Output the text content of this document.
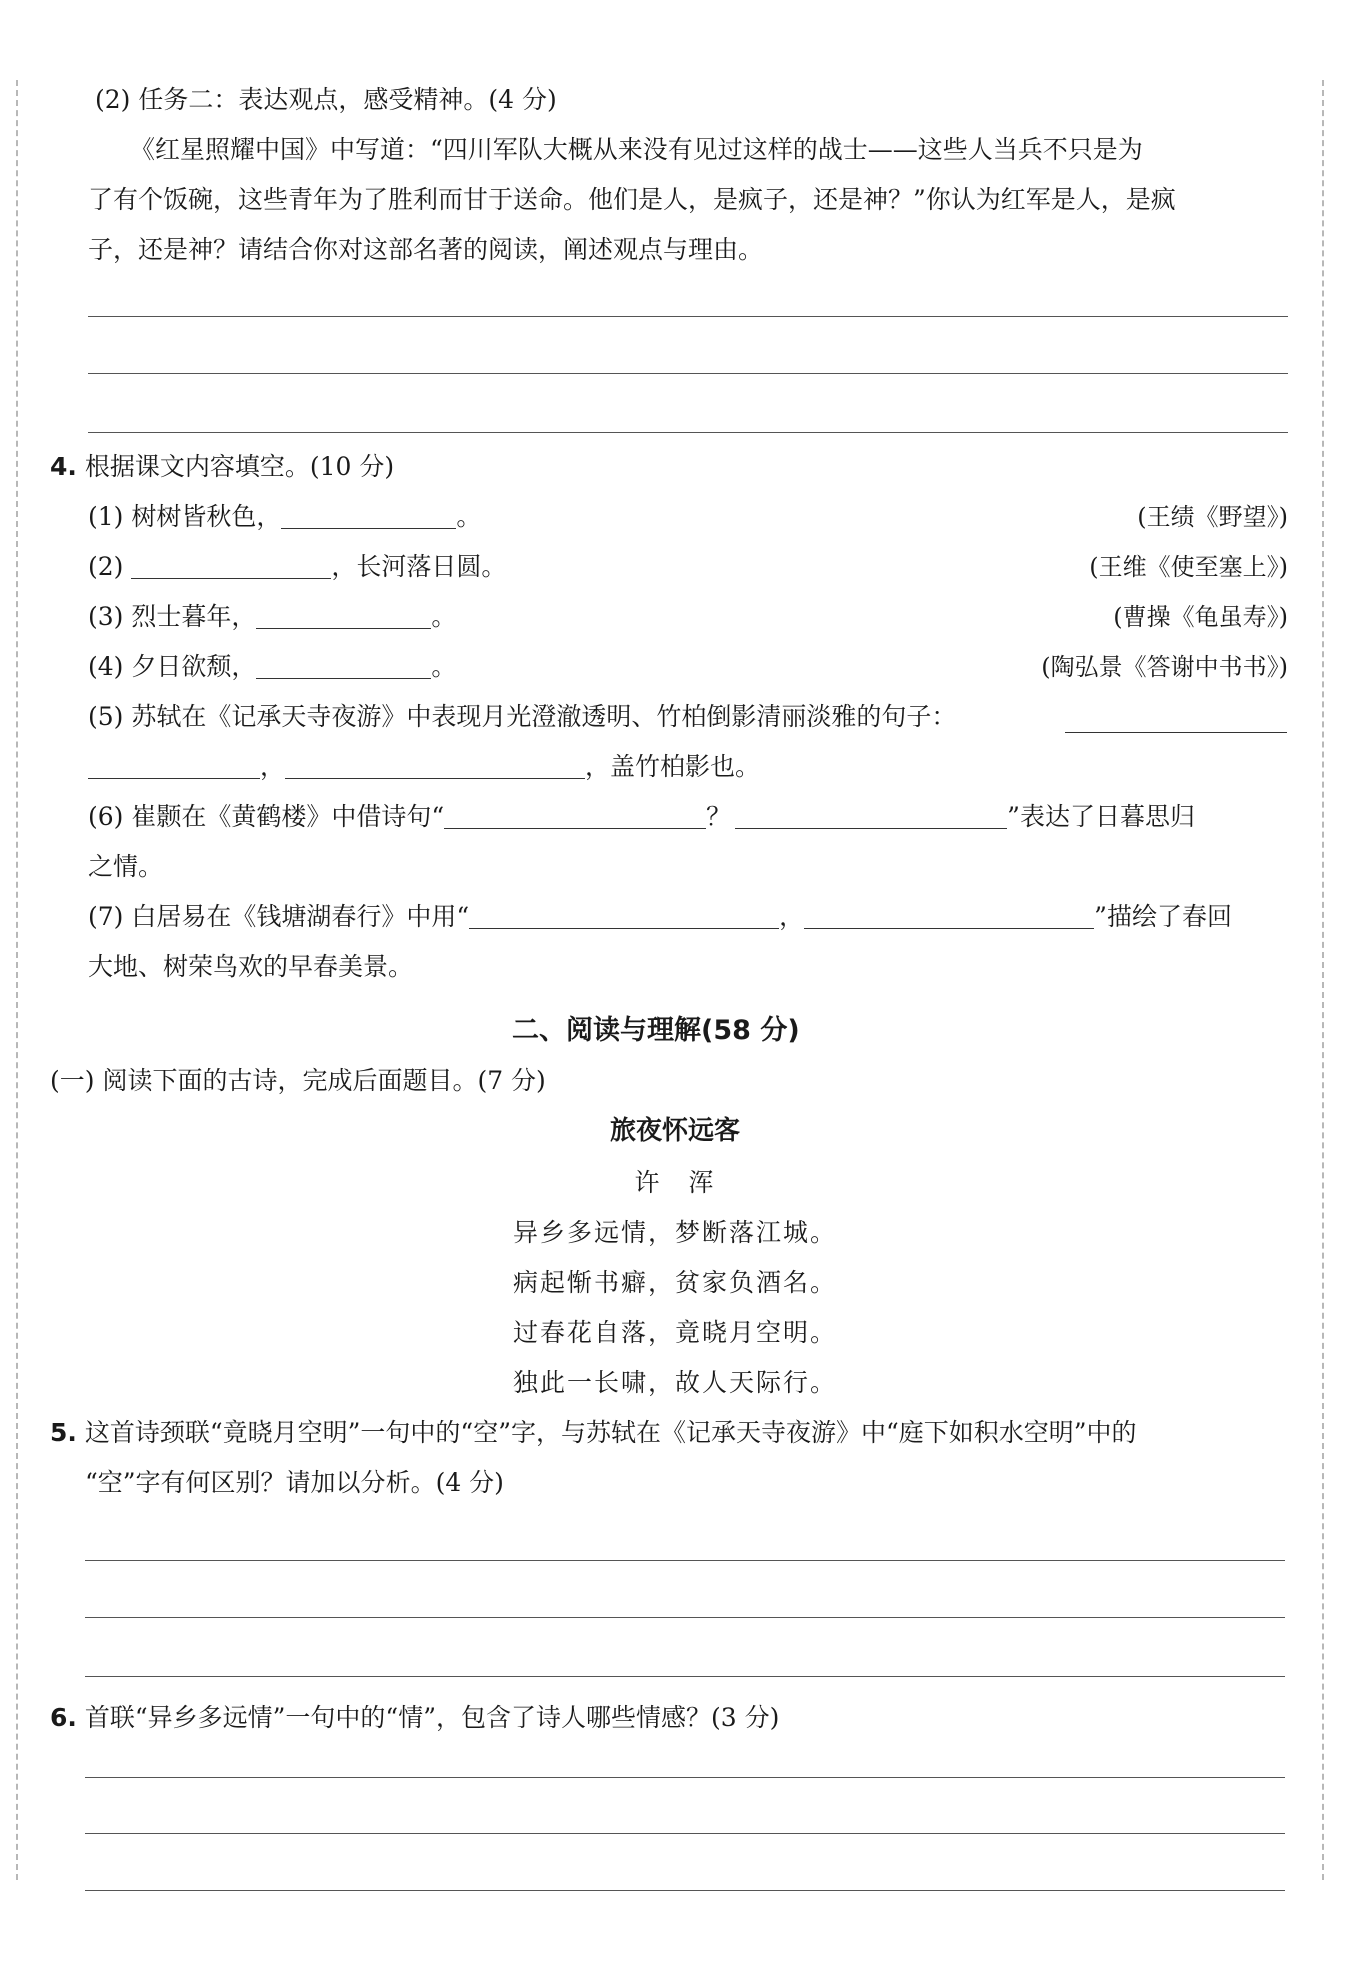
(2) 任务二：表达观点，感受精神。(4 分)
《红星照耀中国》中写道：“四川军队大概从来没有见过这样的战士——这些人当兵不只是为
了有个饭碗，这些青年为了胜利而甘于送命。他们是人，是疯子，还是神？”你认为红军是人，是疯
子，还是神？请结合你对这部名著的阅读，阐述观点与理由。
4. 根据课文内容填空。(10 分)
(1) 树树皆秋色，	。	(王绩《野望》)
(2)	，长河落日圆。	(王维《使至塞上》)
(3) 烈士暮年，	。	(曹操《龟虽寿》)
(4) 夕日欲颓，	。	(陶弘景《答谢中书书》)
(5) 苏轼在《记承天寺夜游》中表现月光澄澈透明、竹柏倒影清丽淡雅的句子：
，	，盖竹柏影也。
(6) 崔颢在《黄鹤楼》中借诗句“	？	”表达了日暮思归
之情。
(7) 白居易在《钱塘湖春行》中用“	，	”描绘了春回
大地、树荣鸟欢的早春美景。
二、阅读与理解(58 分)
(一) 阅读下面的古诗，完成后面题目。(7 分)
旅夜怀远客
许　浑
异乡多远情，梦断落江城。
病起惭书癖，贫家负酒名。
过春花自落，竟晓月空明。
独此一长啸，故人天际行。
5. 这首诗颈联“竟晓月空明”一句中的“空”字，与苏轼在《记承天寺夜游》中“庭下如积水空明”中的
“空”字有何区别？请加以分析。(4 分)
6. 首联“异乡多远情”一句中的“情”，包含了诗人哪些情感？(3 分)
